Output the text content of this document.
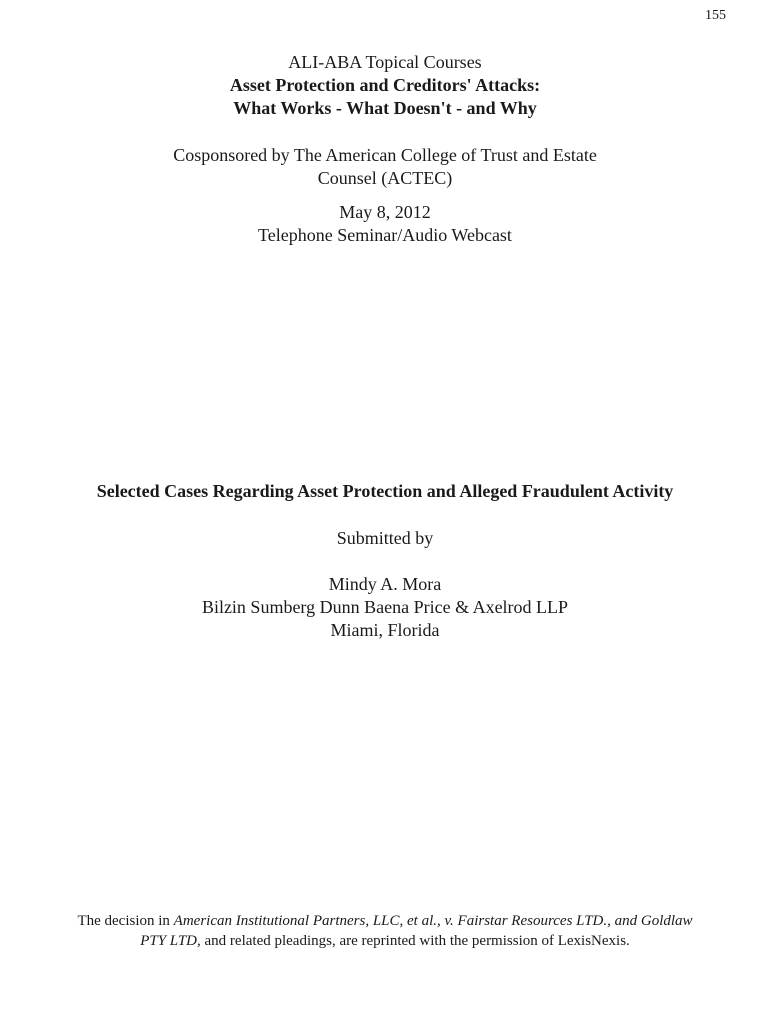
155
ALI-ABA Topical Courses
Asset Protection and Creditors' Attacks:
What Works - What Doesn't - and Why
Cosponsored by The American College of Trust and Estate
Counsel (ACTEC)
May 8, 2012
Telephone Seminar/Audio Webcast
Selected Cases Regarding Asset Protection and Alleged Fraudulent Activity
Submitted by
Mindy A. Mora
Bilzin Sumberg Dunn Baena Price & Axelrod LLP
Miami, Florida
The decision in American Institutional Partners, LLC, et al., v. Fairstar Resources LTD., and Goldlaw
PTY LTD, and related pleadings, are reprinted with the permission of LexisNexis.
